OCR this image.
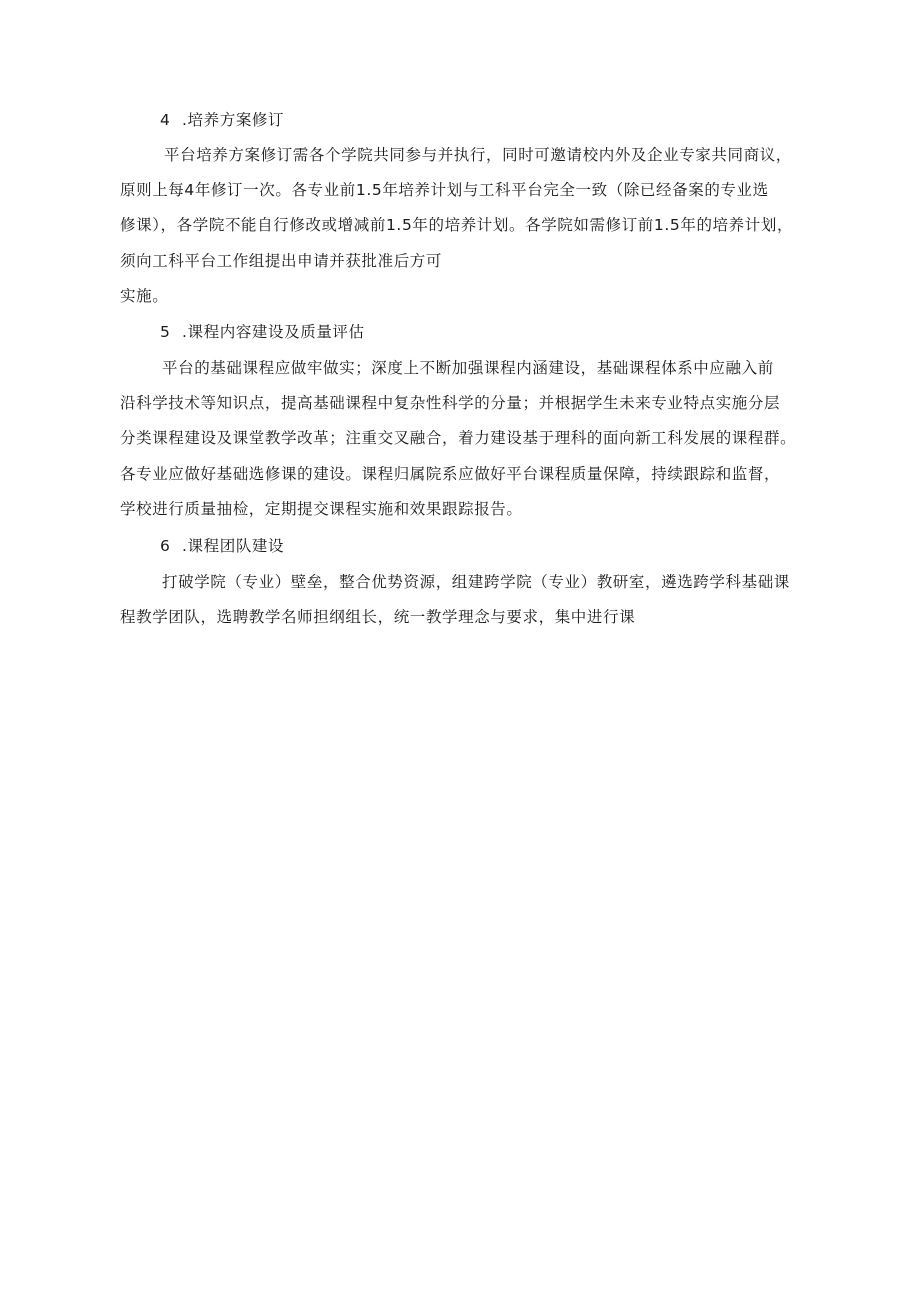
4 .培养方案修订
平台培养方案修订需各个学院共同参与并执行，同时可邀请校内外及企业专家共同商议，
原则上每4年修订一次。各专业前1.5年培养计划与工科平台完全一致（除已经备案的专业选
修课），各学院不能自行修改或增减前1.5年的培养计划。各学院如需修订前1.5年的培养计划，
须向工科平台工作组提出申请并获批准后方可
实施。
5 .课程内容建设及质量评估
平台的基础课程应做牢做实；深度上不断加强课程内涵建设，基础课程体系中应融入前
沿科学技术等知识点，提高基础课程中复杂性科学的分量；并根据学生未来专业特点实施分层
分类课程建设及课堂教学改革；注重交叉融合，着力建设基于理科的面向新工科发展的课程群。
各专业应做好基础选修课的建设。课程归属院系应做好平台课程质量保障，持续跟踪和监督，
学校进行质量抽检，定期提交课程实施和效果跟踪报告。
6 .课程团队建设
打破学院（专业）壁垒，整合优势资源，组建跨学院（专业）教研室，遴选跨学科基础课
程教学团队，选聘教学名师担纲组长，统一教学理念与要求，集中进行课
